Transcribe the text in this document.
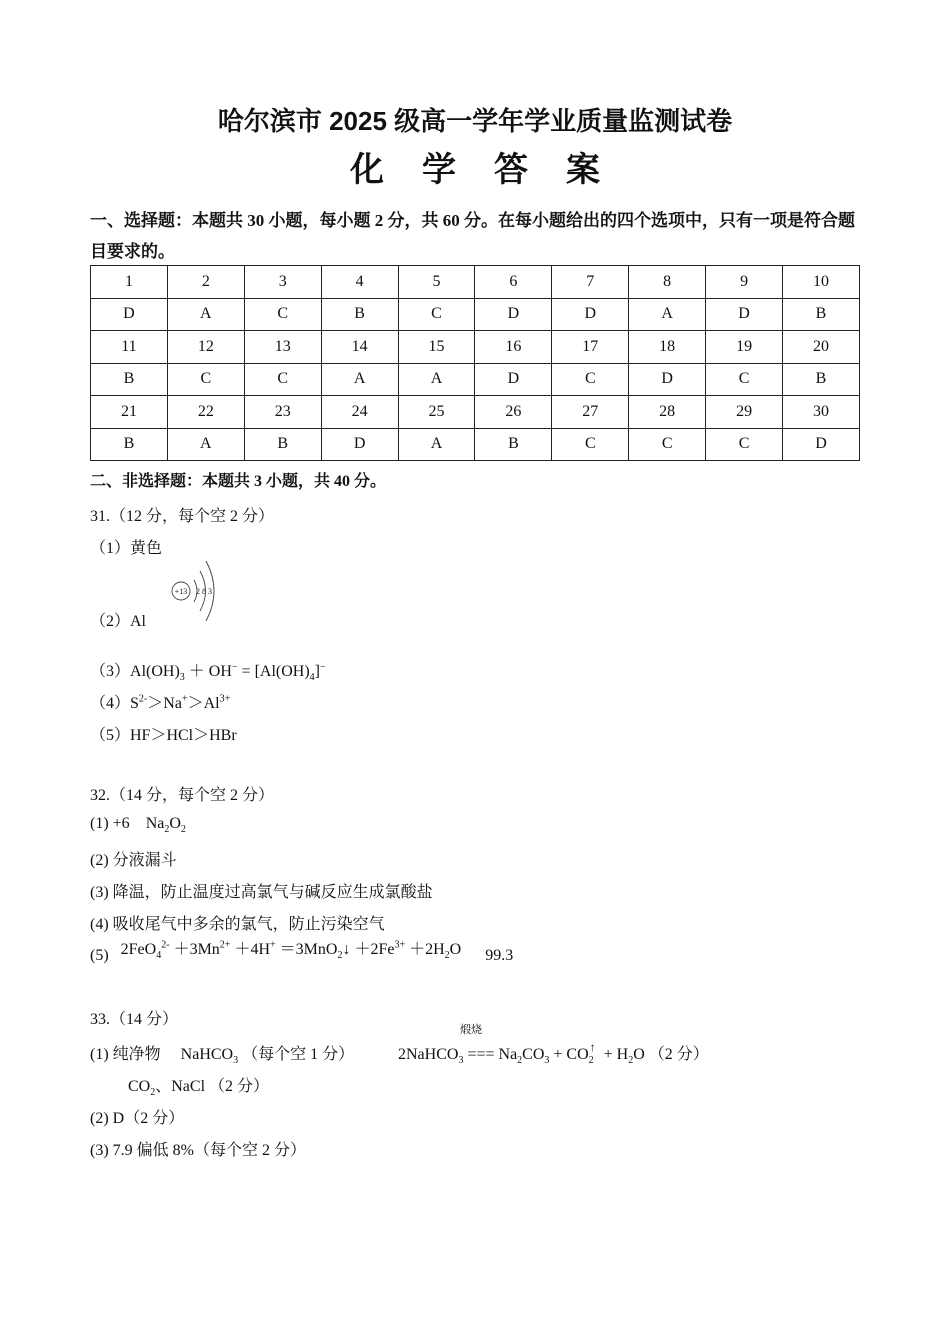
哈尔滨市 2025 级高一学年学业质量监测试卷
化学答案
一、选择题：本题共 30 小题，每小题 2 分，共 60 分。在每小题给出的四个选项中，只有一项是符合题目要求的。
1	2	3	4	5	6	7	8	9	10
D	A	C	B	C	D	D	A	D	B
11	12	13	14	15	16	17	18	19	20
B	C	C	A	A	D	C	D	C	B
21	22	23	24	25	26	27	28	29	30
B	A	B	D	A	B	C	C	C	D
二、非选择题：本题共 3 小题，共 40 分。
31.（12 分，每个空 2 分）
（1）黄色
+13 2 8 3
（2）Al
$(3)Al(OH)_3 + OH^- = [Al(OH)_4]^-$
$(4)S^{2-}>Na^+>Al^{3+}$
（5）HF＞HCl＞HBr
32.（14 分，每个空 2 分）
(1) +6    $Na_2O_2$
(2) 分液漏斗
(3) 降温，防止温度过高氯气与碱反应生成氯酸盐
(4) 吸收尾气中多余的氯气，防止污染空气
(5) $2FeO_4^{2-} +3Mn^{2+} +4H^+$ ＝3MnO$_2$↓ $+2Fe^{3+} +2H_2O$ 99.3
33.（14 分）
(1) 纯净物     NaHCO$_3$ （每个空 1 分）
煅烧
2NaHCO$_3$ === $Na_2CO_3 + CO_2^↑ + H_2O$ （2 分）
$CO_2$、NaCl （2 分）
(2) D（2 分）
(3) 7.9 偏低 8%（每个空 2 分）
